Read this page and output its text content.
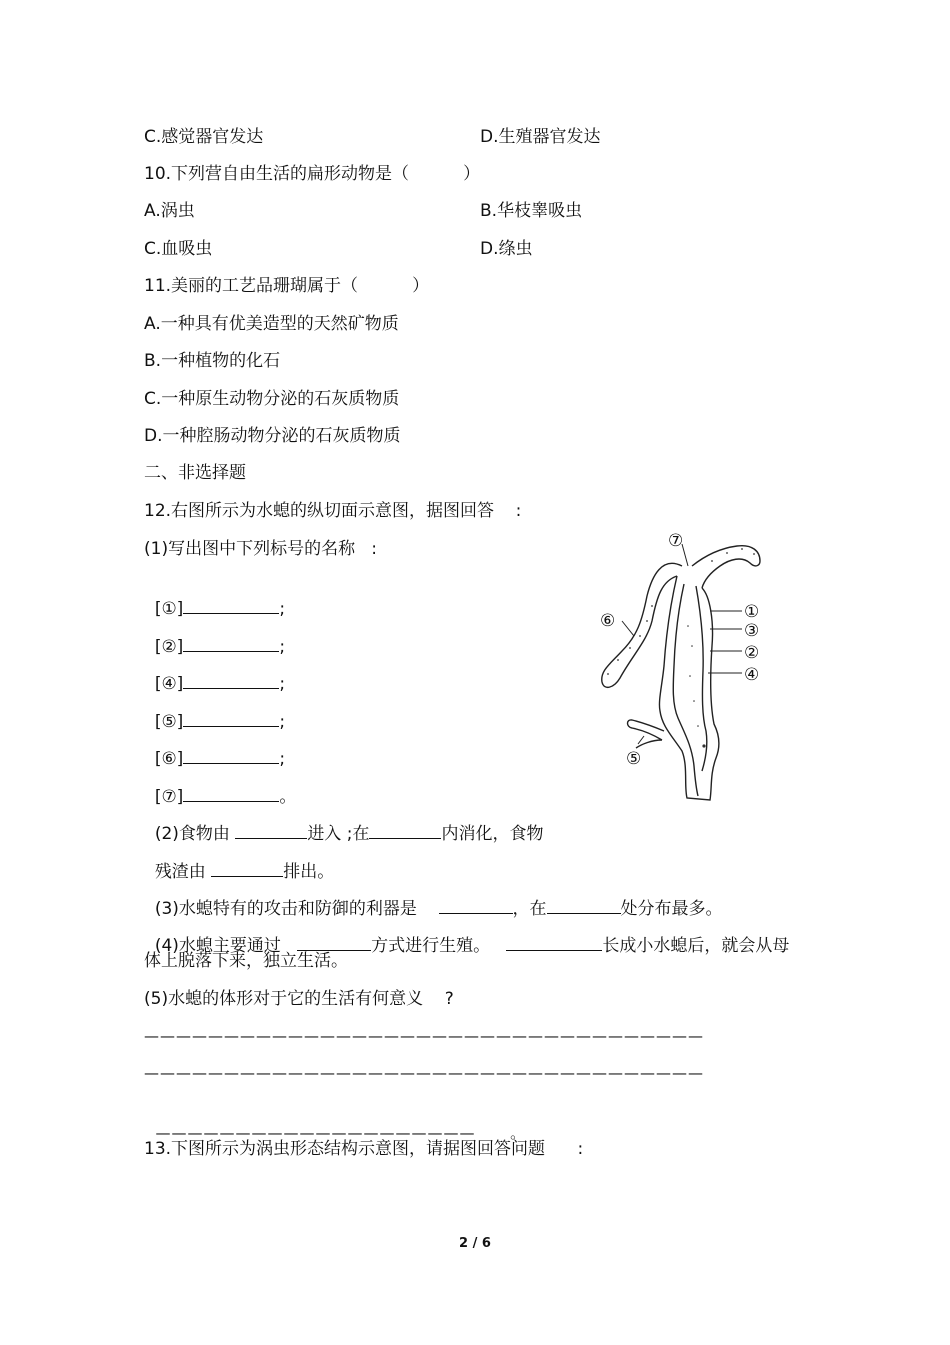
C.感觉器官发达	D.生殖器官发达
10.下列营自由生活的扁形动物是（          ）
A.涡虫	B.华枝睾吸虫
C.血吸虫	D.绦虫
11.美丽的工艺品珊瑚属于（          ）
A.一种具有优美造型的天然矿物质
B.一种植物的化石
C.一种原生动物分泌的石灰质物质
D.一种腔肠动物分泌的石灰质物质
二、非选择题
12.右图所示为水螅的纵切面示意图，据图回答    :
(1)写出图中下列标号的名称   :

[①]	;

[②]	;

[④]	;

[⑤]	;

[⑥]	;

[⑦]	。

(2)食物由	进入 ;在	内消化，食物

残渣由	排出。

(3)水螅特有的攻击和防御的利器是	，在	处分布最多。

(4)水螅主要通过	方式进行生殖。	长成小水螅后，就会从母

体上脱落下来，独立生活。
(5)水螅的体形对于它的生活有何意义    ?
———————————————————————————————————
———————————————————————————————————

———————————————————— 。

13.下图所示为涡虫形态结构示意图，请据图回答问题      :
⑦
⑥	①
③
②
④
⑤
2 / 6
